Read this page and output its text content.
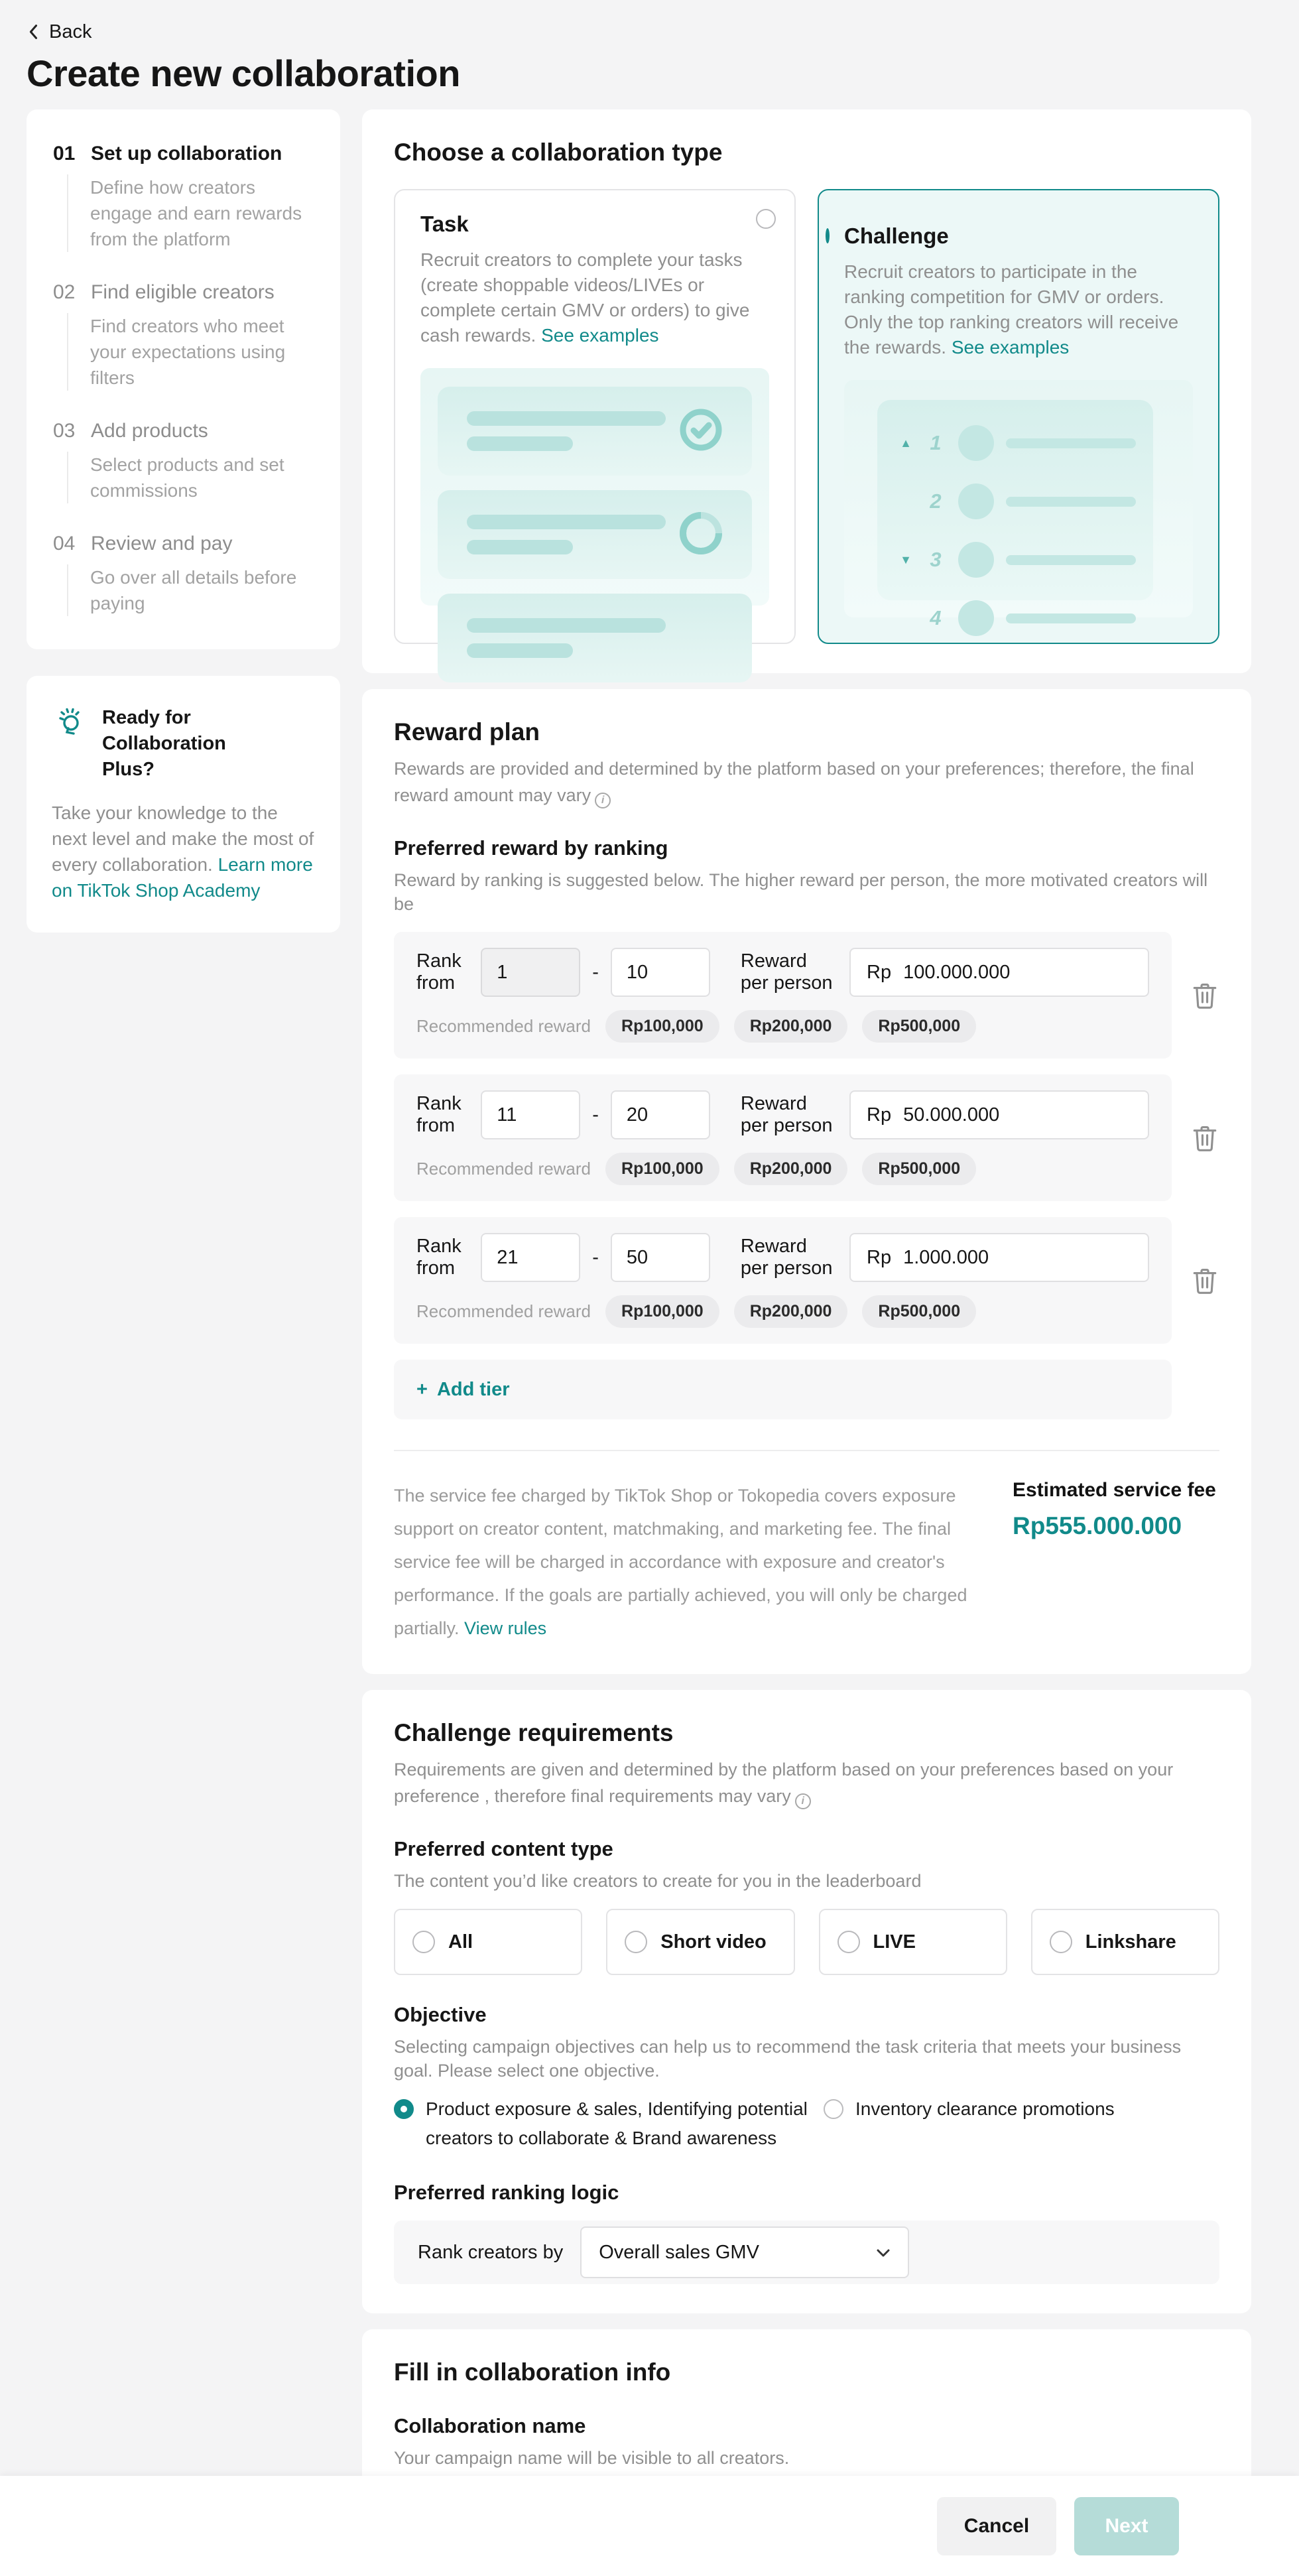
Back
Create new collaboration
01 Set up collaboration
Define how creators engage and earn rewards from the platform
02 Find eligible creators
Find creators who meet your expectations using filters
03 Add products
Select products and set commissions
04 Review and pay
Go over all details before paying
Ready for Collaboration Plus?
Take your knowledge to the next level and make the most of every collaboration. Learn more on TikTok Shop Academy
Choose a collaboration type
Task
Recruit creators to complete your tasks (create shoppable videos/LIVEs or complete certain GMV or orders) to give cash rewards. See examples
Challenge
Recruit creators to participate in the ranking competition for GMV or orders. Only the top ranking creators will receive the rewards. See examples
▲ 1
2
▼ 3
4
Reward plan
Rewards are provided and determined by the platform based on your preferences; therefore, the final reward amount may vary i
Preferred reward by ranking
Reward by ranking is suggested below. The higher reward per person, the more motivated creators will be
Rank from
1
-
10
Reward per person
Rp
100.000.000
Recommended reward	Rp100,000	Rp200,000	Rp500,000
Rank from
11
-
20
Reward per person
Rp
50.000.000
Recommended reward	Rp100,000	Rp200,000	Rp500,000
Rank from
21
-
50
Reward per person
Rp
1.000.000
Recommended reward	Rp100,000	Rp200,000	Rp500,000
+ Add tier
The service fee charged by TikTok Shop or Tokopedia covers exposure support on creator content, matchmaking, and marketing fee. The final service fee will be charged in accordance with exposure and creator's performance. If the goals are partially achieved, you will only be charged partially. View rules
Estimated service fee
Rp555.000.000
Challenge requirements
Requirements are given and determined by the platform based on your preferences based on your preference , therefore final requirements may vary i
Preferred content type
The content you’d like creators to create for you in the leaderboard
All	Short video	LIVE	Linkshare
Objective
Selecting campaign objectives can help us to recommend the task criteria that meets your business goal. Please select one objective.
Product exposure & sales, Identifying potential creators to collaborate & Brand awareness
Inventory clearance promotions
Preferred ranking logic
Rank creators by Overall sales GMV
Fill in collaboration info
Collaboration name
Your campaign name will be visible to all creators.
Campaign name
Cancel	Next
